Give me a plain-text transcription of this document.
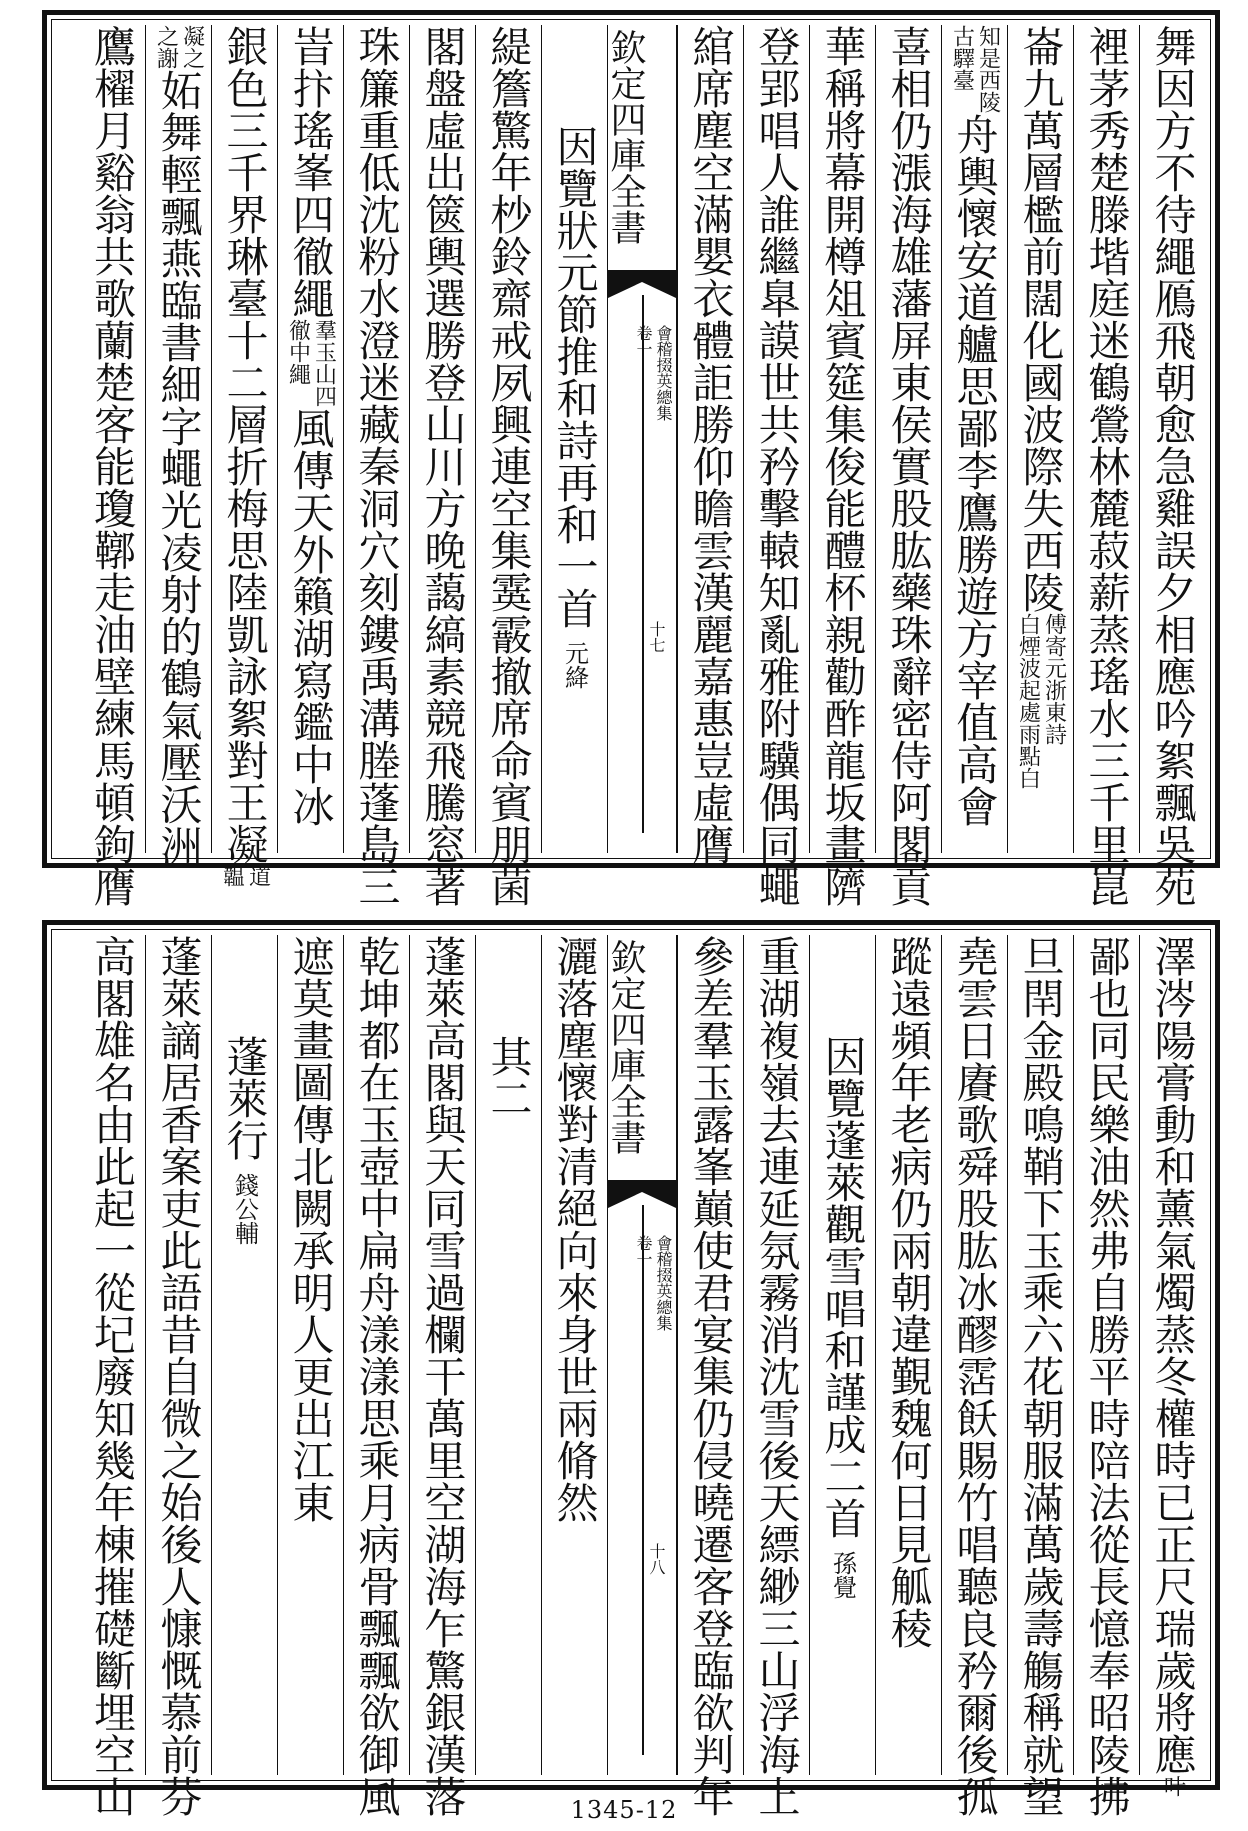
舞因方不待繩鴈飛朝愈急雞誤夕相應吟絮飄吳苑
裡茅秀楚滕堦庭迷鶴鶯林麓菽薪蒸瑤水三千里崑
崙九萬層檻前闊化國波際失西陵
傅寄元浙東詩
白煙波起處雨點白
知是西陵
古驛臺
舟輿懷安道艫思鄙李鷹勝遊方宰值高會
喜相仍漲海雄藩屏東侯實股肱藥珠辭密侍阿閣貢
華稱將幕開樽俎賓筵集俊能醴杯親勸酢龍坂畫隮
登郢唱人誰繼臯謨世共矜擊轅知亂雅附驥偶同蠅
綰席塵空滿嬰衣體詎勝仰瞻雲漢麗嘉惠豈虛膺
欽定四庫全書
會稽掇英總集
卷一
十七
因覽狀元節推和詩再和一首
元絳
緹簷驚年杪鈴齋戒夙興連空集霙霰撤席命賓朋菌
閣盤虛出篋輿選勝登山川方晚藹縞素競飛騰窓著
珠簾重低沈粉水澄迷藏秦洞穴刻鏤禹溝塍蓬島三
峕抃瑤峯四徹繩
羣玉山四
徹中繩
風傳天外籟湖寫鑑中冰
銀色三千界琳臺十二層折梅思陸凱詠絮對王凝
道
韞
凝之
之謝
妬舞輕飄燕臨書細字蠅光凌射的鶴氣壓沃洲
鷹櫂月谿翁共歌蘭楚客能瓊鞹走油壁練馬頓鉤膺
澤涔陽膏動和薰氣燭蒸冬權時已正尺瑞歲將應
叶
鄙也同民樂油然弗自勝平時陪法從長憶奉昭陵拂
旦閈金殿鳴鞘下玉乘六花朝服滿萬歲壽觴稱就望
堯雲日賡歌舜股肱冰醪霑飫賜竹唱聽良矜爾後孤
蹤遠頻年老病仍兩朝違覲魏何日見觚稜
因覽蓬萊觀雪唱和謹成二首
孫覺
重湖複嶺去連延氛霧消沈雪後天縹緲三山浮海上
參差羣玉露峯巔使君宴集仍侵曉遷客登臨欲判年
欽定四庫全書
會稽掇英總集
卷一
十八
灑落塵懷對清絕向來身世兩脩然
其二
蓬萊高閣與天同雪過欄干萬里空湖海乍驚銀漢落
乾坤都在玉壺中扁舟漾漾思乘月病骨飄飄欲御風
遮莫畫圖傳北闕承明人更出江東
蓬萊行
錢公輔
蓬萊謫居香案吏此語昔自微之始後人慷慨慕前芬
高閣雄名由此起一從圮廢知幾年棟摧礎斷埋空山	1345-12
